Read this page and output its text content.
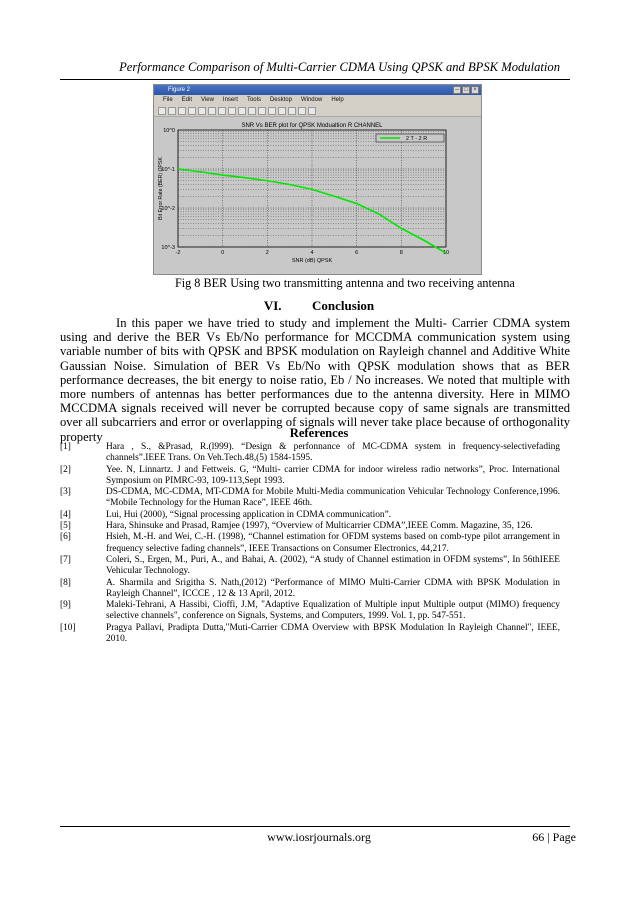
Performance Comparison of Multi-Carrier CDMA Using QPSK and BPSK Modulation
Figure 2	– □ ×
File Edit View Insert Tools Desktop Window Help
-2	0	2	4	6	8	10
10^0
10^-1
10^-2
10^-3
2 T - 2 R
SNR Vs BER plot for QPSK Modualtion R CHANNEL
SNR (dB) QPSK
Bit Error Rate (BER) QPSK
Fig 8 BER Using two transmitting antenna and two receiving antenna
VI. Conclusion

In this paper we have tried to study and implement the Multi- Carrier CDMA system using and derive the BER Vs Eb/No performance for MCCDMA communication system using variable number of bits with QPSK and BPSK modulation on Rayleigh channel and Additive White Gaussian Noise. Simulation of BER Vs Eb/No with QPSK modulation shows that as BER performance decreases, the bit energy to noise ratio, Eb / No increases. We noted that multiple with more numbers of antennas has better performances due to the antenna diversity. Here in MIMO MCCDMA signals received will never be corrupted because copy of same signals are transmitted over all subcarriers and error or overlapping of signals will never take place because of orthogonality property	References
[1]	Hara , S., &Prasad, R.(l999). “Design & perfonnance of MC-CDMA system in frequency-selectivefading channels”.IEEE Trans. On Veh.Tech.48,(5) 1584-1595.
[2]	Yee. N, Linnartz. J and Fettweis. G, “Multi- carrier CDMA for indoor wireless radio networks”, Proc. International Symposium on PIMRC-93, 109-113,Sept 1993.
[3]	DS-CDMA, MC-CDMA, MT-CDMA for Mobile Multi-Media communication Vehicular Technology Conference,1996. “Mobile Technology for the Human Race”, IEEE 46th.
[4]	Lui, Hui (2000), “Signal processing application in CDMA communication”.
[5]	Hara, Shinsuke and Prasad, Ramjee (1997), “Overview of Multicarrier CDMA”,IEEE Comm. Magazine, 35, 126.
[6]	Hsieh, M.-H. and Wei, C.-H. (1998), “Channel estimation for OFDM systems based on comb-type pilot arrangement in frequency selective fading channels”, IEEE Transactions on Consumer Electronics, 44,217.
[7]	Coleri, S., Ergen, M., Puri, A., and Bahai, A. (2002), “A study of Channel estimation in OFDM systems”, In 56thIEEE Vehicular Technology.
[8]	A. Sharmila and Srigitha S. Nath,(2012) “Performance of MIMO Multi-Carrier CDMA with BPSK Modulation in Rayleigh Channel”, ICCCE , 12 & 13 April, 2012.
[9]	Maleki-Tehrani, A Hassibi, Cioffi, J.M, "Adaptive Equalization of Multiple input Multiple output (MIMO) frequency selective channels", conference on Signals, Systems, and Computers, 1999. Vol. 1, pp. 547-551.
[10]	Pragya Pallavi, Pradipta Dutta,"Muti-Carrier CDMA Overview with BPSK Modulation In Rayleigh Channel", IEEE, 2010.
www.iosrjournals.org	66 | Page
